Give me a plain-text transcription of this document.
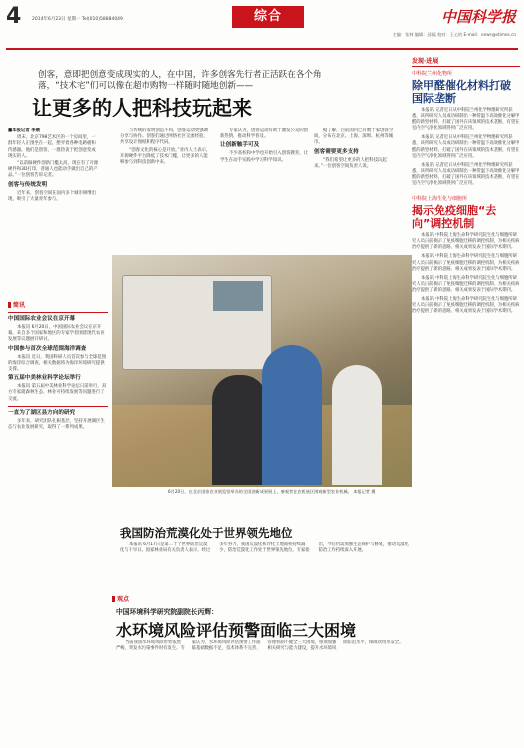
4 2014年6月23日 星期一 Tel(010)58884049	综合	中国科学报
主编：张林 编辑：邱磊 校对：王心怡 E-mail：news@stimes.cn
创客，意即把创意变成现实的人，在中国，许多创客先行者正活跃在各个角落，“技术宅”们可以像在超市购物一样随时随地创新——
让更多的人把科技玩起来
■本报记者 李晨
周末，北京798艺术区的一个房间里，一群年轻人正围坐在一起，摆弄着各种电路板和传感器。他们是创客，一群热衷于把创意变成现实的人。
“以前做硬件创新门槛太高，现在有了开源硬件和3D打印，普通人也能动手做出自己的产品。”一位创客告诉记者。
创客与传统发明
近年来，创客空间在国内多个城市相继出现，吸引了大量青年参与。
与传统的发明创造不同，创客运动更强调分享与协作。创客们通过网络社区交流经验，共享设计图纸和程序代码。
“创客文化的核心是开放。”业内人士表示，开源硬件平台降低了技术门槛，让更多的人能够参与到科技创新中来。
专家认为，创客运动有助于激发公众的创新热情，推动科学普及。
让创新触手可及
不少高校和中学也开始引入创客教育，让学生在动手实践中学习科学知识。
据了解，目前国内已有数十家创客空间，分布在北京、上海、深圳、杭州等城市。
创客需要更多支持
“我们希望让更多的人把科技玩起来。”一位创客空间负责人说。
简讯
中国国际农业会议在京开幕
本报讯 6月20日，中国国际农业会议在京开幕，来自多个国家和地区的专家学者围绕现代农业发展等议题展开研讨。
中国参与首次全球范围海洋调查
本报讯 近日，我国科研人员首次参与全球范围的海洋综合调查，相关数据将为海洋环境研究提供支撑。
第五届中美林业科学论坛举行
本报讯 第五届中美林业科学论坛日前举行，双方专家就森林生态、林业可持续发展等问题进行了交流。
一直为了湖区县方向的研究
多年来，研究团队扎根基层，坚持开展湖区生态与农业发展研究，取得了一系列成果。
6月20日，在北京国家农业展览馆举办的全国创新成果展上，参观者在农机展区围观新型农业机械。 本报记者 摄
发现·进展
中科院兰州化物所
除甲醛催化材料打破国际垄断
本报讯 记者近日从中科院兰州化学物理研究所获悉，该所研究人员成功研制出一种常温下高效催化分解甲醛的新型材料，打破了国外在该领域的技术垄断，有望在室内空气净化领域得到广泛应用。
本报讯 记者近日从中科院兰州化学物理研究所获悉，该所研究人员成功研制出一种常温下高效催化分解甲醛的新型材料，打破了国外在该领域的技术垄断，有望在室内空气净化领域得到广泛应用。
本报讯 记者近日从中科院兰州化学物理研究所获悉，该所研究人员成功研制出一种常温下高效催化分解甲醛的新型材料，打破了国外在该领域的技术垄断，有望在室内空气净化领域得到广泛应用。
中科院上海生化与细胞所
揭示免疫细胞“去向”调控机制
本报讯 中科院上海生命科学研究院生化与细胞所研究人员日前揭示了免疫细胞迁移的调控机制，为相关疾病治疗提供了新的思路。相关成果发表于国际学术期刊。
本报讯 中科院上海生命科学研究院生化与细胞所研究人员日前揭示了免疫细胞迁移的调控机制，为相关疾病治疗提供了新的思路。相关成果发表于国际学术期刊。
本报讯 中科院上海生命科学研究院生化与细胞所研究人员日前揭示了免疫细胞迁移的调控机制，为相关疾病治疗提供了新的思路。相关成果发表于国际学术期刊。
本报讯 中科院上海生命科学研究院生化与细胞所研究人员日前揭示了免疫细胞迁移的调控机制，为相关疾病治疗提供了新的思路。相关成果发表于国际学术期刊。
我国防治荒漠化处于世界领先地位
本报讯 6月17日是第二十个世界防治荒漠化与干旱日。国家林业局有关负责人表示，经过多年努力，我国荒漠化和沙化土地面积持续减少，防治荒漠化工作处于世界领先地位。专家指出，今后仍需加强生态保护与修复，推动荒漠化防治工作持续深入开展。
观点
中国环境科学研究院副院长丙辉：
水环境风险评估预警面临三大困境
当前我国水环境风险形势依然严峻，突发水污染事件时有发生。专家认为，水环境风险评估预警工作面临基础数据不足、技术体系不完善、管理机制不健全三大困境，亟须加强相关研究与能力建设，提升水环境风险防范水平，保障饮用水安全。
